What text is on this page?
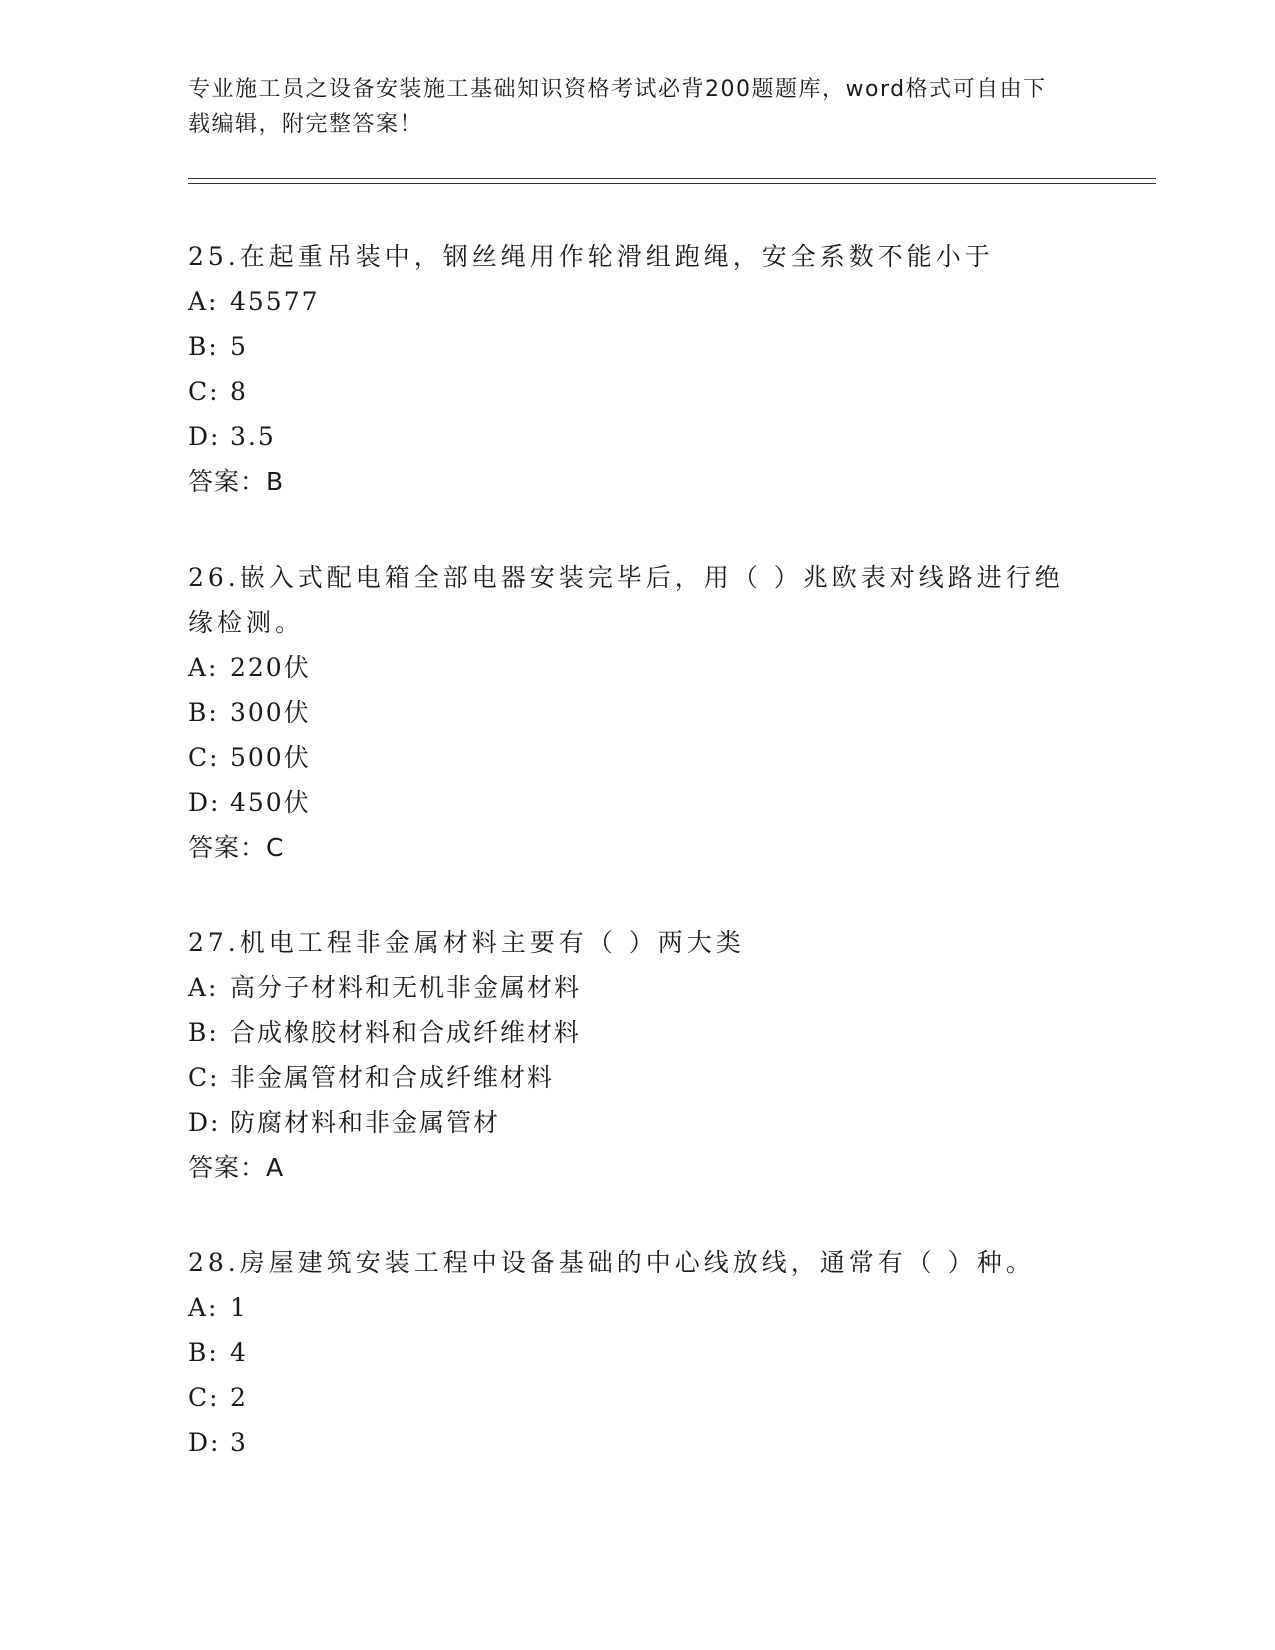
专业施工员之设备安装施工基础知识资格考试必背200题题库，word格式可自由下载编辑，附完整答案！

25.在起重吊装中，钢丝绳用作轮滑组跑绳，安全系数不能小于

A: 45577

B: 5

C: 8

D: 3.5

答案：B

26.嵌入式配电箱全部电器安装完毕后，用（ ）兆欧表对线路进行绝缘检测。

A: 220伏

B: 300伏

C: 500伏

D: 450伏

答案：C

27.机电工程非金属材料主要有（ ）两大类

A: 高分子材料和无机非金属材料

B: 合成橡胶材料和合成纤维材料

C: 非金属管材和合成纤维材料

D: 防腐材料和非金属管材

答案：A

28.房屋建筑安装工程中设备基础的中心线放线，通常有（ ）种。

A: 1

B: 4

C: 2

D: 3
